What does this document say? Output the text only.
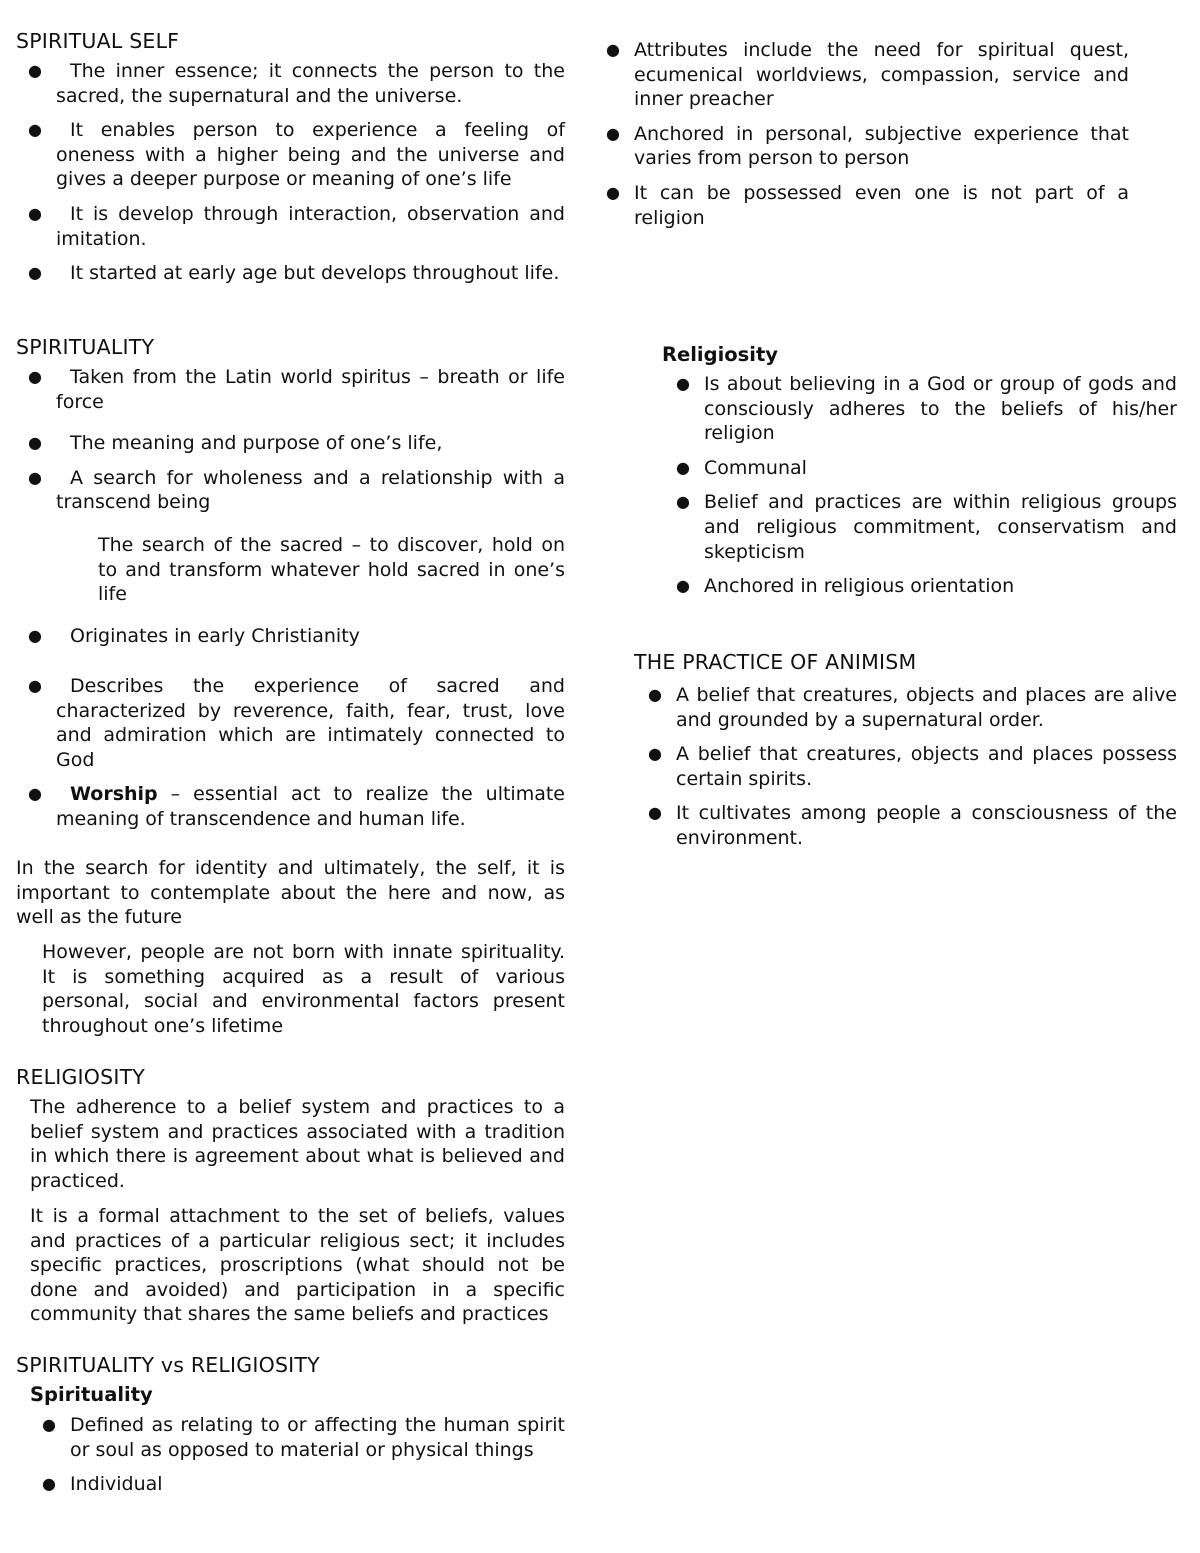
SPIRITUAL SELF
● The inner essence; it connects the person to the sacred, the supernatural and the universe.
● It enables person to experience a feeling of oneness with a higher being and the universe and gives a deeper purpose or meaning of one’s life
● It is develop through interaction, observation and imitation.
● It started at early age but develops throughout life.
SPIRITUALITY
● Taken from the Latin world spiritus – breath or life force
● The meaning and purpose of one’s life,
● A search for wholeness and a relationship with a transcend being

The search of the sacred – to discover, hold on to and transform whatever hold sacred in one’s life

● Originates in early Christianity
● Describes the experience of sacred and characterized by reverence, faith, fear, trust, love and admiration which are intimately connected to God
● Worship – essential act to realize the ultimate meaning of transcendence and human life.

In the search for identity and ultimately, the self, it is important to contemplate about the here and now, as well as the future

However, people are not born with innate spirituality. It is something acquired as a result of various personal, social and environmental factors present throughout one’s lifetime

RELIGIOSITY

The adherence to a belief system and practices to a belief system and practices associated with a tradition in which there is agreement about what is believed and practiced.

It is a formal attachment to the set of beliefs, values and practices of a particular religious sect; it includes specific practices, proscriptions (what should not be done and avoided) and participation in a specific community that shares the same beliefs and practices

SPIRITUALITY vs RELIGIOSITY
Spirituality
● Defined as relating to or affecting the human spirit or soul as opposed to material or physical things
● Individual
● Attributes include the need for spiritual quest, ecumenical worldviews, compassion, service and inner preacher
● Anchored in personal, subjective experience that varies from person to person
● It can be possessed even one is not part of a religion
Religiosity
● Is about believing in a God or group of gods and consciously adheres to the beliefs of his/her religion
● Communal
● Belief and practices are within religious groups and religious commitment, conservatism and skepticism
● Anchored in religious orientation
THE PRACTICE OF ANIMISM
● A belief that creatures, objects and places are alive and grounded by a supernatural order.
● A belief that creatures, objects and places possess certain spirits.
● It cultivates among people a consciousness of the environment.
